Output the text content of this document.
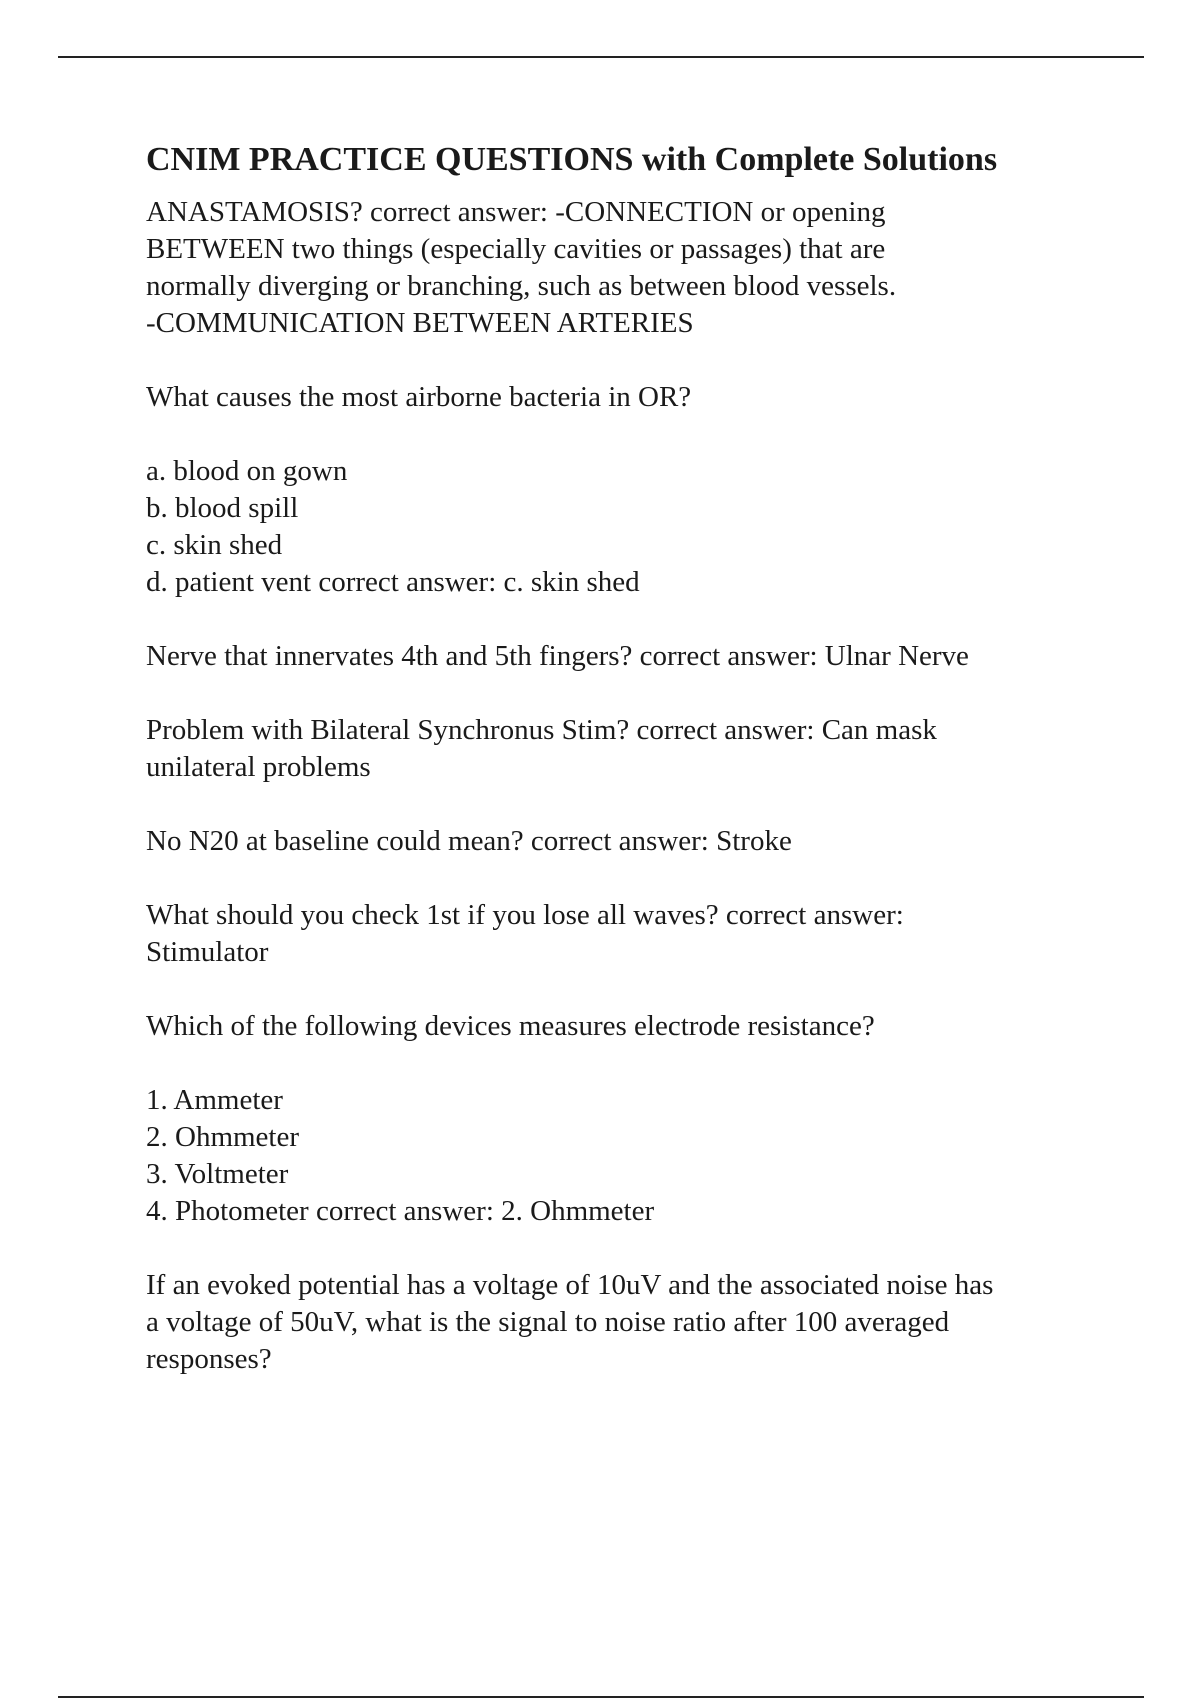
CNIM PRACTICE QUESTIONS with Complete Solutions
ANASTAMOSIS? correct answer: -CONNECTION or opening
BETWEEN two things (especially cavities or passages) that are
normally diverging or branching, such as between blood vessels.
-COMMUNICATION BETWEEN ARTERIES
What causes the most airborne bacteria in OR?
a. blood on gown
b. blood spill
c. skin shed
d. patient vent correct answer: c. skin shed
Nerve that innervates 4th and 5th fingers? correct answer: Ulnar Nerve
Problem with Bilateral Synchronus Stim? correct answer: Can mask
unilateral problems
No N20 at baseline could mean? correct answer: Stroke
What should you check 1st if you lose all waves? correct answer:
Stimulator
Which of the following devices measures electrode resistance?
1. Ammeter
2. Ohmmeter
3. Voltmeter
4. Photometer correct answer: 2. Ohmmeter
If an evoked potential has a voltage of 10uV and the associated noise has
a voltage of 50uV, what is the signal to noise ratio after 100 averaged
responses?
